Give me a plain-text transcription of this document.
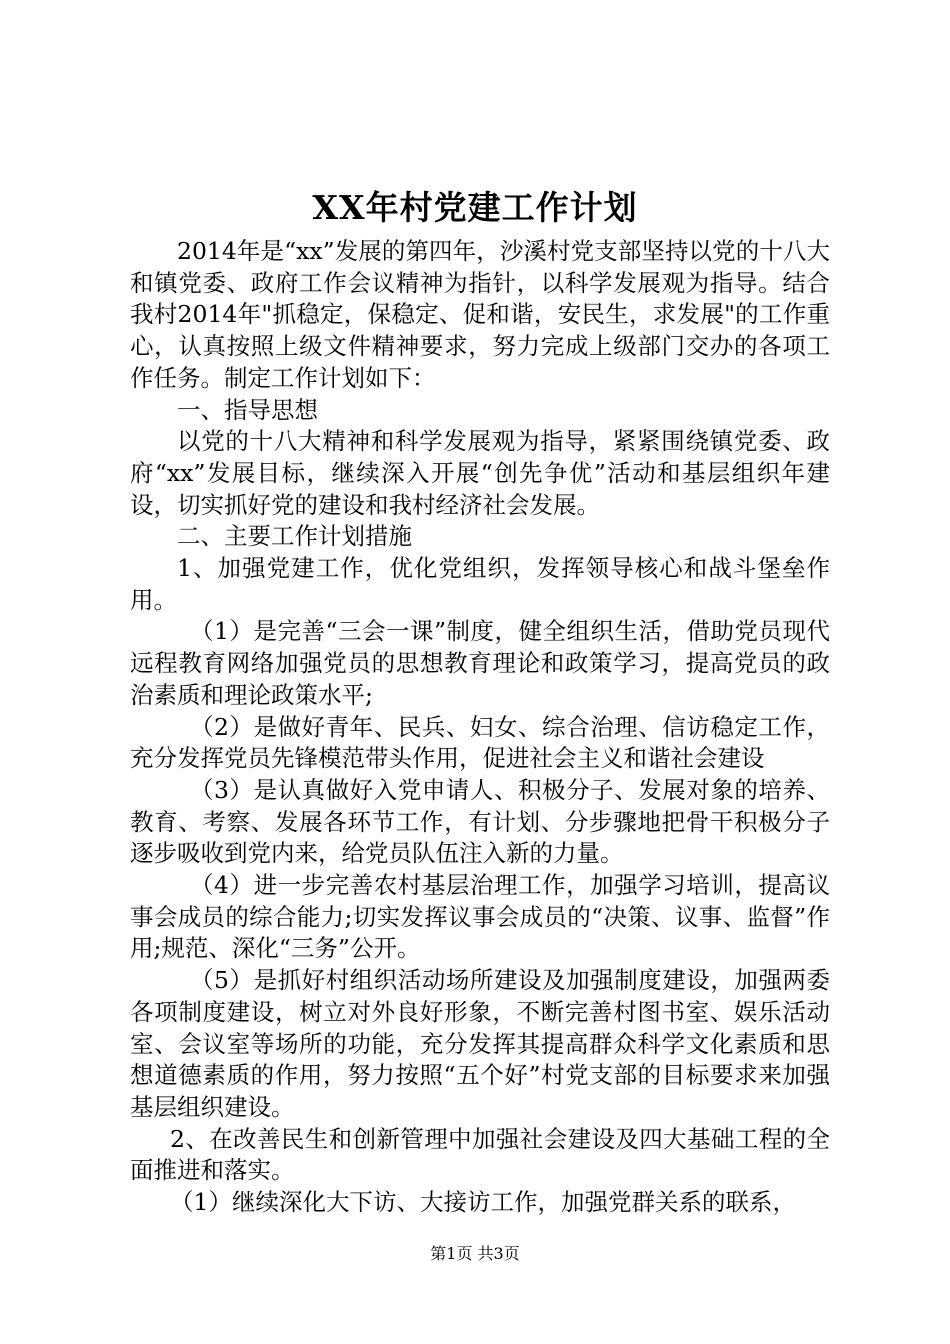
XX年村党建工作计划

2014年是“xx”发展的第四年，沙溪村党支部坚持以党的十八大和镇党委、政府工作会议精神为指针，以科学发展观为指导。结合我村2014年"抓稳定，保稳定、促和谐，安民生，求发展"的工作重心，认真按照上级文件精神要求，努力完成上级部门交办的各项工作任务。制定工作计划如下：

一、指导思想

以党的十八大精神和科学发展观为指导，紧紧围绕镇党委、政府“xx”发展目标，继续深入开展“创先争优”活动和基层组织年建设，切实抓好党的建设和我村经济社会发展。

二、主要工作计划措施

1、加强党建工作，优化党组织，发挥领导核心和战斗堡垒作用。

（1）是完善“三会一课”制度，健全组织生活，借助党员现代远程教育网络加强党员的思想教育理论和政策学习，提高党员的政治素质和理论政策水平;

（2）是做好青年、民兵、妇女、综合治理、信访稳定工作，充分发挥党员先锋模范带头作用，促进社会主义和谐社会建设

（3）是认真做好入党申请人、积极分子、发展对象的培养、教育、考察、发展各环节工作，有计划、分步骤地把骨干积极分子逐步吸收到党内来，给党员队伍注入新的力量。

（4）进一步完善农村基层治理工作，加强学习培训，提高议事会成员的综合能力;切实发挥议事会成员的“决策、议事、监督”作用;规范、深化“三务”公开。

（5）是抓好村组织活动场所建设及加强制度建设，加强两委各项制度建设，树立对外良好形象，不断完善村图书室、娱乐活动室、会议室等场所的功能，充分发挥其提高群众科学文化素质和思想道德素质的作用，努力按照“五个好”村党支部的目标要求来加强基层组织建设。

2、在改善民生和创新管理中加强社会建设及四大基础工程的全面推进和落实。

（1）继续深化大下访、大接访工作，加强党群关系的联系，

第1页 共3页
